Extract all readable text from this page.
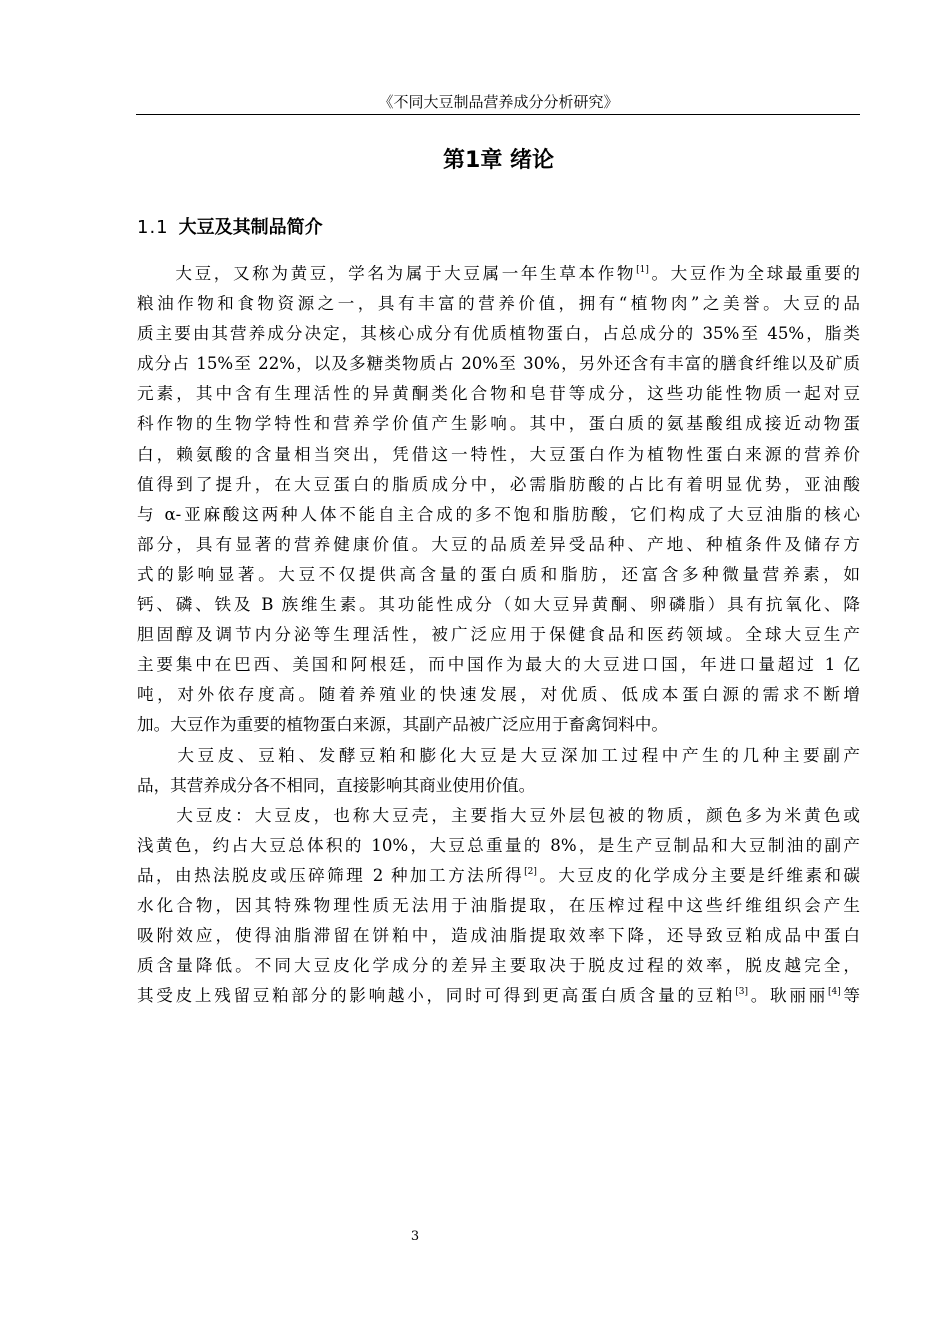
《不同大豆制品营养成分分析研究》
第1章 绪论
1.1 大豆及其制品简介
　　大豆，又称为黄豆，学名为属于大豆属一年生草本作物[1]。大豆作为全球最重要的
粮油作物和食物资源之一，具有丰富的营养价值，拥有“植物肉”之美誉。大豆的品
质主要由其营养成分决定，其核心成分有优质植物蛋白，占总成分的 35%至 45%，脂类
成分占 15%至 22%，以及多糖类物质占 20%至 30%，另外还含有丰富的膳食纤维以及矿质
元素，其中含有生理活性的异黄酮类化合物和皂苷等成分，这些功能性物质一起对豆
科作物的生物学特性和营养学价值产生影响。其中，蛋白质的氨基酸组成接近动物蛋
白，赖氨酸的含量相当突出，凭借这一特性，大豆蛋白作为植物性蛋白来源的营养价
值得到了提升，在大豆蛋白的脂质成分中，必需脂肪酸的占比有着明显优势，亚油酸
与 α-亚麻酸这两种人体不能自主合成的多不饱和脂肪酸，它们构成了大豆油脂的核心
部分，具有显著的营养健康价值。大豆的品质差异受品种、产地、种植条件及储存方
式的影响显著。大豆不仅提供高含量的蛋白质和脂肪，还富含多种微量营养素，如
钙、磷、铁及 B 族维生素。其功能性成分（如大豆异黄酮、卵磷脂）具有抗氧化、降
胆固醇及调节内分泌等生理活性，被广泛应用于保健食品和医药领域。全球大豆生产
主要集中在巴西、美国和阿根廷，而中国作为最大的大豆进口国，年进口量超过 1 亿
吨，对外依存度高。随着养殖业的快速发展，对优质、低成本蛋白源的需求不断增
加。大豆作为重要的植物蛋白来源，其副产品被广泛应用于畜禽饲料中。
　　大豆皮、豆粕、发酵豆粕和膨化大豆是大豆深加工过程中产生的几种主要副产
品，其营养成分各不相同，直接影响其商业使用价值。
　　大豆皮：大豆皮，也称大豆壳，主要指大豆外层包被的物质，颜色多为米黄色或
浅黄色，约占大豆总体积的 10%，大豆总重量的 8%，是生产豆制品和大豆制油的副产
品，由热法脱皮或压碎筛理 2 种加工方法所得[2]。大豆皮的化学成分主要是纤维素和碳
水化合物，因其特殊物理性质无法用于油脂提取，在压榨过程中这些纤维组织会产生
吸附效应，使得油脂滞留在饼粕中，造成油脂提取效率下降，还导致豆粕成品中蛋白
质含量降低。不同大豆皮化学成分的差异主要取决于脱皮过程的效率，脱皮越完全，
其受皮上残留豆粕部分的影响越小，同时可得到更高蛋白质含量的豆粕[3]。耿丽丽[4]等
3
